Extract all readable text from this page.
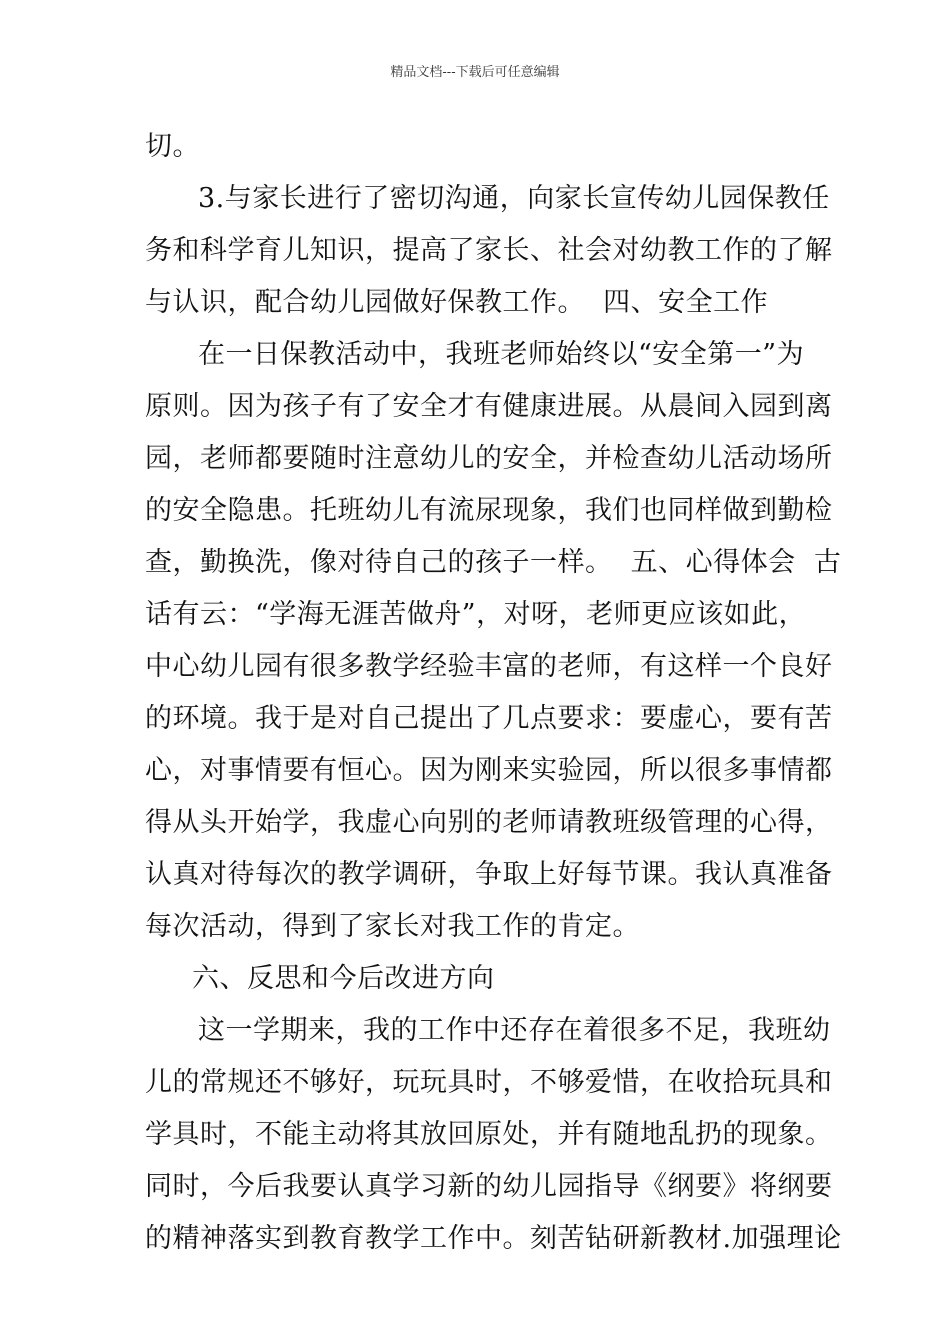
精品文档---下载后可任意编辑
切。
3.与家长进行了密切沟通，向家长宣传幼儿园保教任
务和科学育儿知识，提高了家长、社会对幼教工作的了解
与认识，配合幼儿园做好保教工作。  四、安全工作
在一日保教活动中，我班老师始终以“安全第一”为
原则。因为孩子有了安全才有健康进展。从晨间入园到离
园，老师都要随时注意幼儿的安全，并检查幼儿活动场所
的安全隐患。托班幼儿有流尿现象，我们也同样做到勤检
查，勤换洗，像对待自己的孩子一样。  五、心得体会  古
话有云：“学海无涯苦做舟”，对呀，老师更应该如此，
中心幼儿园有很多教学经验丰富的老师，有这样一个良好
的环境。我于是对自己提出了几点要求：要虚心，要有苦
心，对事情要有恒心。因为刚来实验园，所以很多事情都
得从头开始学，我虚心向别的老师请教班级管理的心得，
认真对待每次的教学调研，争取上好每节课。我认真准备
每次活动，得到了家长对我工作的肯定。
六、反思和今后改进方向
这一学期来，我的工作中还存在着很多不足，我班幼
儿的常规还不够好，玩玩具时，不够爱惜，在收拾玩具和
学具时，不能主动将其放回原处，并有随地乱扔的现象。
同时，今后我要认真学习新的幼儿园指导《纲要》将纲要
的精神落实到教育教学工作中。刻苦钻研新教材.加强理论
